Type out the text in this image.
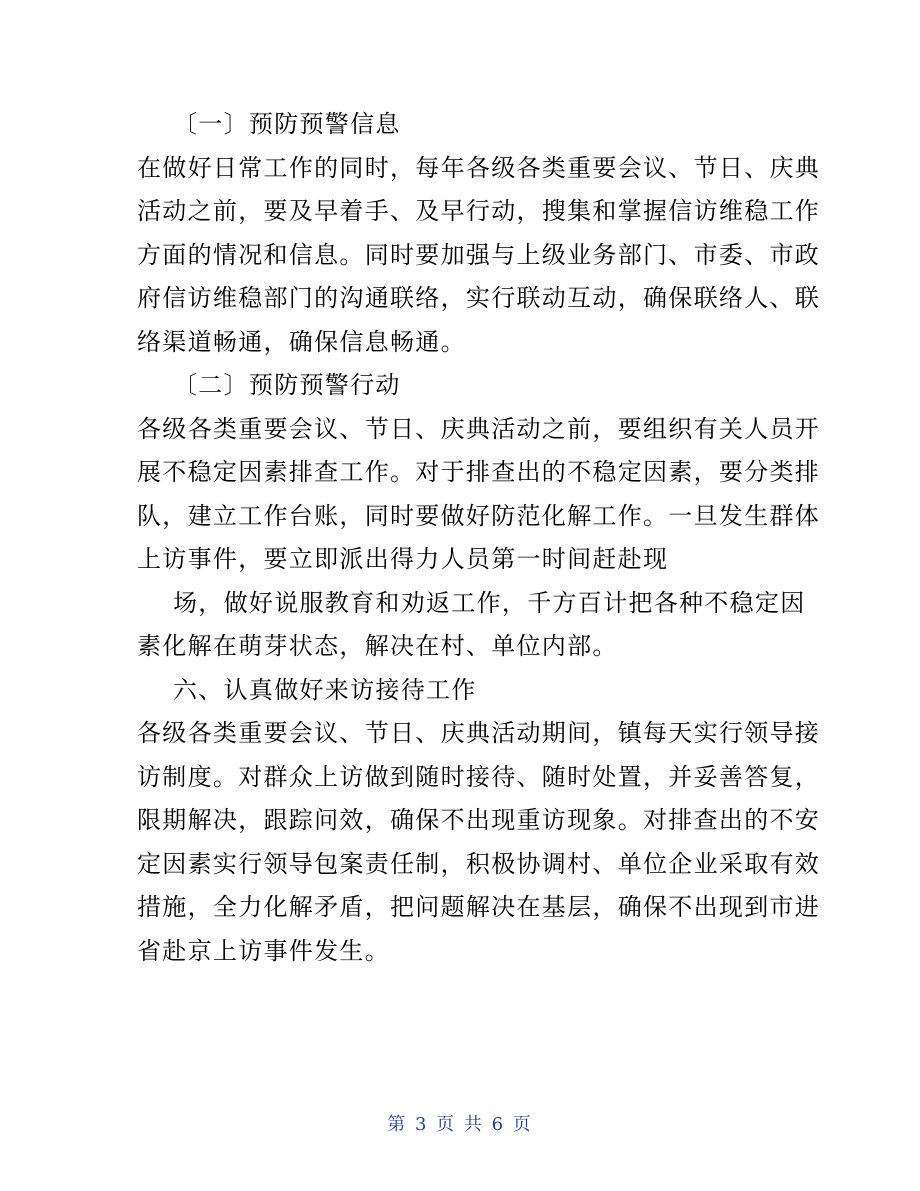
〔一〕预防预警信息
在做好日常工作的同时，每年各级各类重要会议、节日、庆典
活动之前，要及早着手、及早行动，搜集和掌握信访维稳工作
方面的情况和信息。同时要加强与上级业务部门、市委、市政
府信访维稳部门的沟通联络，实行联动互动，确保联络人、联
络渠道畅通，确保信息畅通。
〔二〕预防预警行动
各级各类重要会议、节日、庆典活动之前，要组织有关人员开
展不稳定因素排查工作。对于排查出的不稳定因素，要分类排
队，建立工作台账，同时要做好防范化解工作。一旦发生群体
上访事件，要立即派出得力人员第一时间赶赴现
场，做好说服教育和劝返工作，千方百计把各种不稳定因
素化解在萌芽状态，解决在村、单位内部。
六、认真做好来访接待工作
各级各类重要会议、节日、庆典活动期间，镇每天实行领导接
访制度。对群众上访做到随时接待、随时处置，并妥善答复，
限期解决，跟踪问效，确保不出现重访现象。对排查出的不安
定因素实行领导包案责任制，积极协调村、单位企业采取有效
措施，全力化解矛盾，把问题解决在基层，确保不出现到市进
省赴京上访事件发生。
第 3 页 共 6 页
